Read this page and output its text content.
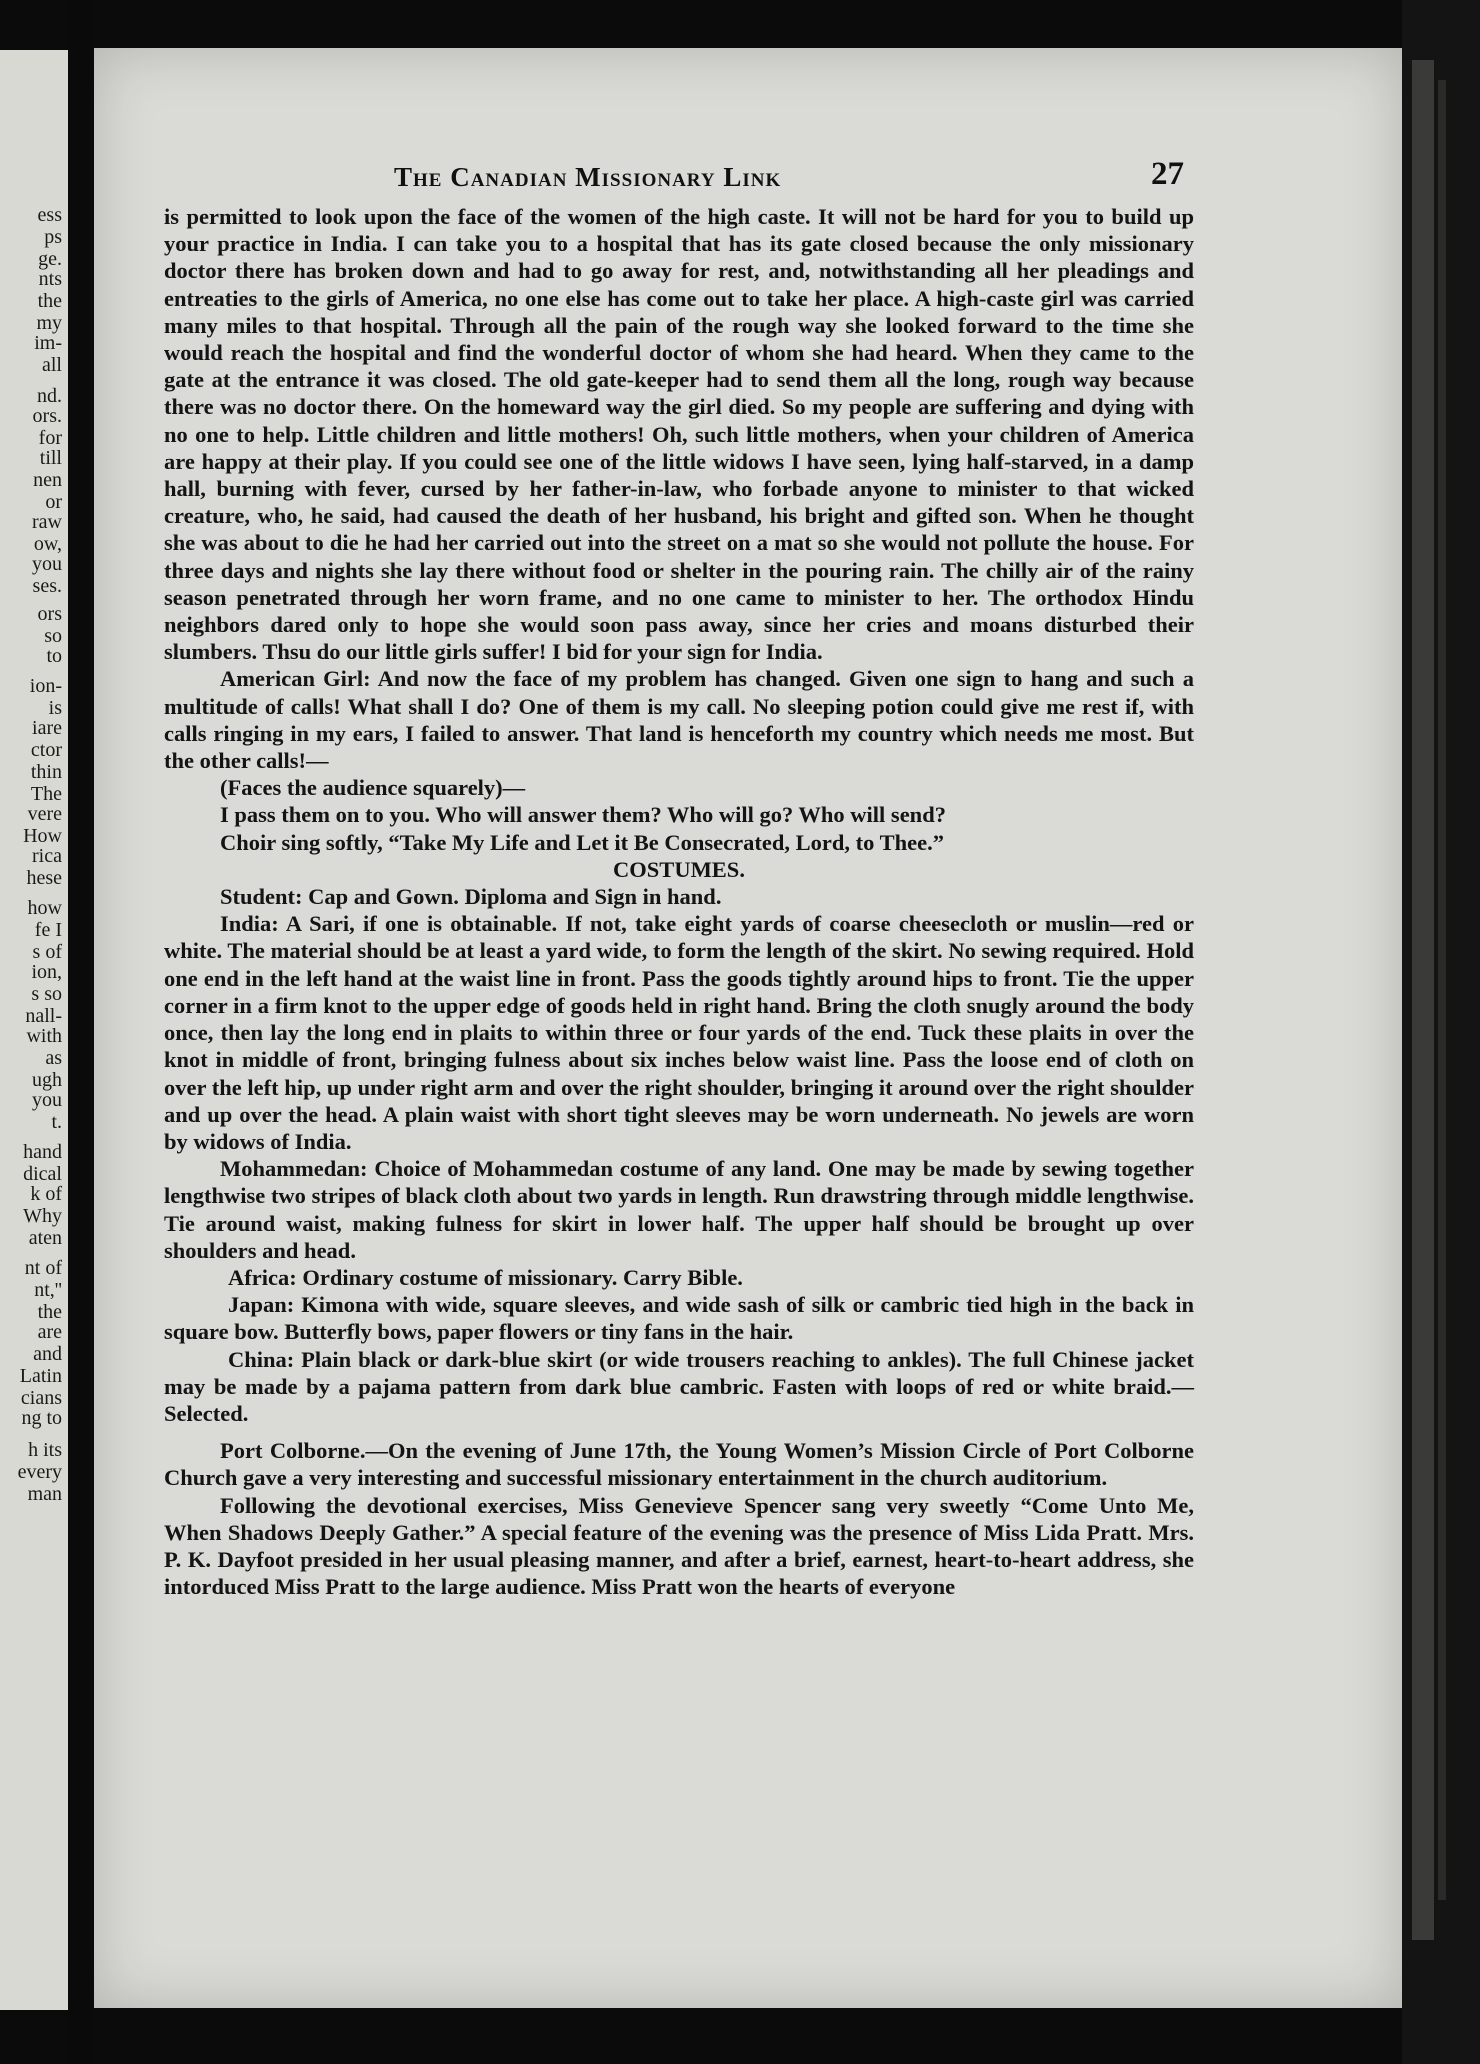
ess
ps
ge.
nts
the
my
im-
all
nd.
ors.
for
till
nen
or
raw
ow,
you
ses.
ors
so
to
ion-
is
iare
ctor
thin
The
vere
How
rica
hese
how
fe I
s of
ion,
s so
nall-
with
as
ugh
you
t.
hand
dical
k of
Why
aten
nt of
nt,''
the
are
and
Latin
cians
ng to
h its
every
man
The Canadian Missionary Link	27

is permitted to look upon the face of the women of the high caste. It will not be hard for you to build up your practice in India. I can take you to a hospital that has its gate closed because the only missionary doctor there has broken down and had to go away for rest, and, notwithstanding all her pleadings and entreaties to the girls of America, no one else has come out to take her place. A high-caste girl was carried many miles to that hospital. Through all the pain of the rough way she looked forward to the time she would reach the hospital and find the wonderful doctor of whom she had heard. When they came to the gate at the entrance it was closed. The old gate-keeper had to send them all the long, rough way because there was no doctor there. On the homeward way the girl died. So my people are suffering and dying with no one to help. Little children and little mothers! Oh, such little mothers, when your children of America are happy at their play. If you could see one of the little widows I have seen, lying half-starved, in a damp hall, burning with fever, cursed by her father-in-law, who forbade anyone to minister to that wicked creature, who, he said, had caused the death of her husband, his bright and gifted son. When he thought she was about to die he had her carried out into the street on a mat so she would not pollute the house. For three days and nights she lay there without food or shelter in the pouring rain. The chilly air of the rainy season penetrated through her worn frame, and no one came to minister to her. The orthodox Hindu neighbors dared only to hope she would soon pass away, since her cries and moans disturbed their slumbers. Thsu do our little girls suffer! I bid for your sign for India.

American Girl: And now the face of my problem has changed. Given one sign to hang and such a multitude of calls! What shall I do? One of them is my call. No sleeping potion could give me rest if, with calls ringing in my ears, I failed to answer. That land is henceforth my country which needs me most. But the other calls!—

(Faces the audience squarely)—

I pass them on to you. Who will answer them? Who will go? Who will send?

Choir sing softly, “Take My Life and Let it Be Consecrated, Lord, to Thee.”

COSTUMES.

Student: Cap and Gown. Diploma and Sign in hand.

India: A Sari, if one is obtainable. If not, take eight yards of coarse cheesecloth or muslin—red or white. The material should be at least a yard wide, to form the length of the skirt. No sewing required. Hold one end in the left hand at the waist line in front. Pass the goods tightly around hips to front. Tie the upper corner in a firm knot to the upper edge of goods held in right hand. Bring the cloth snugly around the body once, then lay the long end in plaits to within three or four yards of the end. Tuck these plaits in over the knot in middle of front, bringing fulness about six inches below waist line. Pass the loose end of cloth on over the left hip, up under right arm and over the right shoulder, bringing it around over the right shoulder and up over the head. A plain waist with short tight sleeves may be worn underneath. No jewels are worn by widows of India.

Mohammedan: Choice of Mohammedan costume of any land. One may be made by sewing together lengthwise two stripes of black cloth about two yards in length. Run drawstring through middle lengthwise. Tie around waist, making fulness for skirt in lower half. The upper half should be brought up over shoulders and head.

Africa: Ordinary costume of missionary. Carry Bible.

Japan: Kimona with wide, square sleeves, and wide sash of silk or cambric tied high in the back in square bow. Butterfly bows, paper flowers or tiny fans in the hair.

China: Plain black or dark-blue skirt (or wide trousers reaching to ankles). The full Chinese jacket may be made by a pajama pattern from dark blue cambric. Fasten with loops of red or white braid.—Selected.

Port Colborne.—On the evening of June 17th, the Young Women’s Mission Circle of Port Colborne Church gave a very interesting and successful missionary entertainment in the church auditorium.

Following the devotional exercises, Miss Genevieve Spencer sang very sweetly “Come Unto Me, When Shadows Deeply Gather.” A special feature of the evening was the presence of Miss Lida Pratt. Mrs. P. K. Dayfoot presided in her usual pleasing manner, and after a brief, earnest, heart-to-heart address, she intorduced Miss Pratt to the large audience. Miss Pratt won the hearts of everyone
